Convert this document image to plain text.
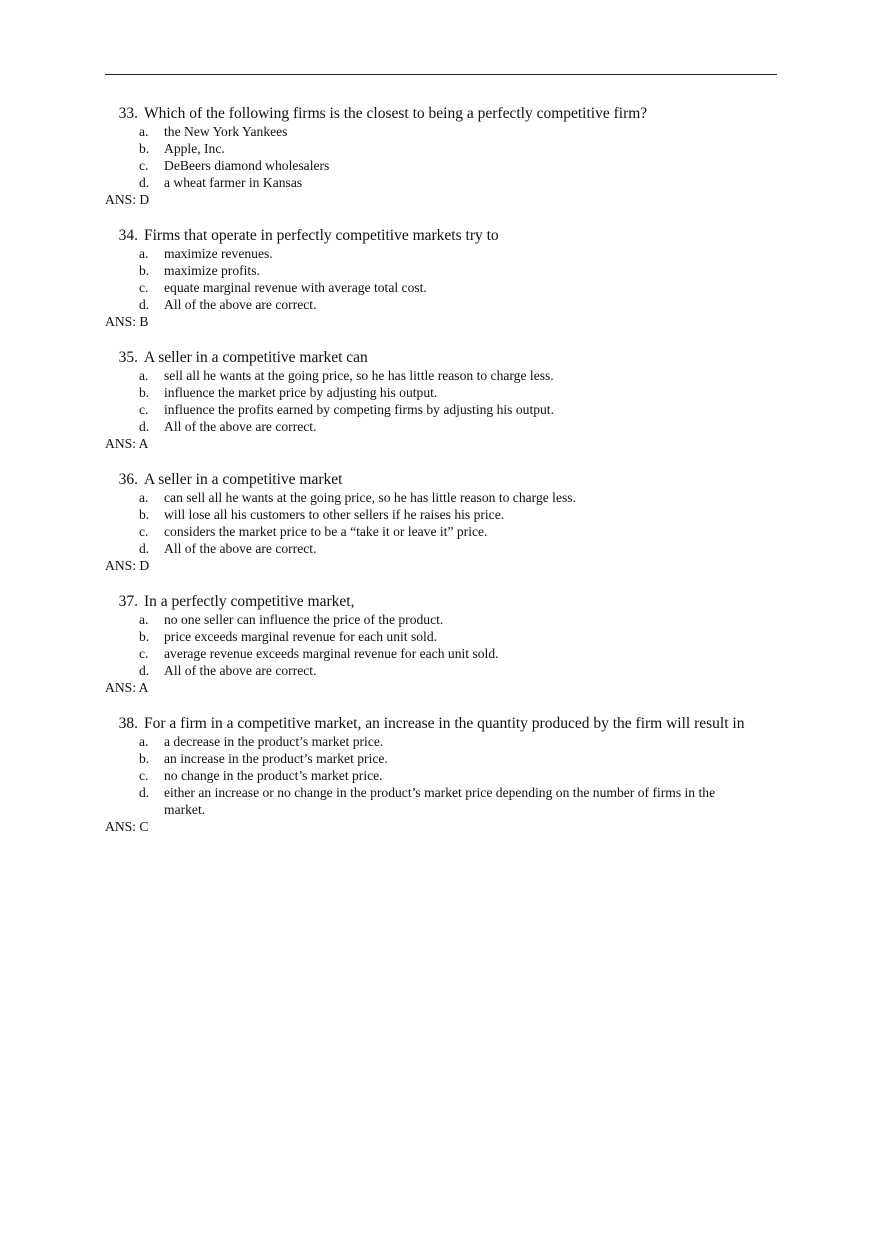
33. Which of the following firms is the closest to being a perfectly competitive firm?
a.	the New York Yankees
b.	Apple, Inc.
c.	DeBeers diamond wholesalers
d.	a wheat farmer in Kansas
ANS: D
34. Firms that operate in perfectly competitive markets try to
a.	maximize revenues.
b.	maximize profits.
c.	equate marginal revenue with average total cost.
d.	All of the above are correct.
ANS: B
35. A seller in a competitive market can
a.	sell all he wants at the going price, so he has little reason to charge less.
b.	influence the market price by adjusting his output.
c.	influence the profits earned by competing firms by adjusting his output.
d.	All of the above are correct.
ANS: A
36. A seller in a competitive market
a.	can sell all he wants at the going price, so he has little reason to charge less.
b.	will lose all his customers to other sellers if he raises his price.
c.	considers the market price to be a “take it or leave it” price.
d.	All of the above are correct.
ANS: D
37. In a perfectly competitive market,
a.	no one seller can influence the price of the product.
b.	price exceeds marginal revenue for each unit sold.
c.	average revenue exceeds marginal revenue for each unit sold.
d.	All of the above are correct.
ANS: A
38. For a firm in a competitive market, an increase in the quantity produced by the firm will result in
a.	a decrease in the product’s market price.
b.	an increase in the product’s market price.
c.	no change in the product’s market price.
d.	either an increase or no change in the product’s market price depending on the number of firms in the market.
ANS: C
